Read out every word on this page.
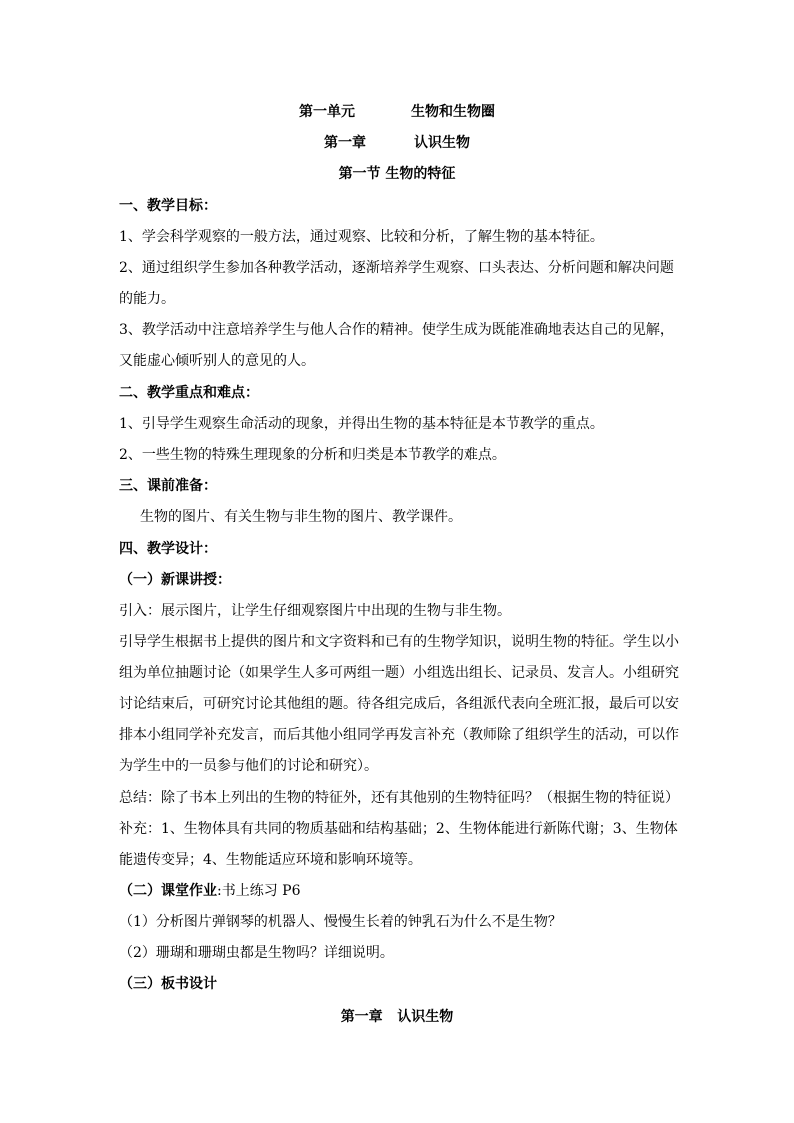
第一单元	生物和生物圈
第一章	认识生物
第一节 生物的特征
一、教学目标：
1、学会科学观察的一般方法，通过观察、比较和分析，了解生物的基本特征。
2、通过组织学生参加各种教学活动，逐渐培养学生观察、口头表达、分析问题和解决问题
的能力。
3、教学活动中注意培养学生与他人合作的精神。使学生成为既能准确地表达自己的见解，
又能虚心倾听别人的意见的人。
二、教学重点和难点：
1、引导学生观察生命活动的现象，并得出生物的基本特征是本节教学的重点。
2、一些生物的特殊生理现象的分析和归类是本节教学的难点。
三、课前准备：
生物的图片、有关生物与非生物的图片、教学课件。
四、教学设计：
（一）新课讲授：
引入：展示图片，让学生仔细观察图片中出现的生物与非生物。
引导学生根据书上提供的图片和文字资料和已有的生物学知识，说明生物的特征。学生以小
组为单位抽题讨论（如果学生人多可两组一题）小组选出组长、记录员、发言人。小组研究
讨论结束后，可研究讨论其他组的题。待各组完成后，各组派代表向全班汇报，最后可以安
排本小组同学补充发言，而后其他小组同学再发言补充（教师除了组织学生的活动，可以作
为学生中的一员参与他们的讨论和研究）。
总结：除了书本上列出的生物的特征外，还有其他别的生物特征吗？（根据生物的特征说）
补充：1、生物体具有共同的物质基础和结构基础；2、生物体能进行新陈代谢；3、生物体
能遗传变异；4、生物能适应环境和影响环境等。
（二）课堂作业:书上练习 P6
（1）分析图片弹钢琴的机器人、慢慢生长着的钟乳石为什么不是生物？
（2）珊瑚和珊瑚虫都是生物吗？详细说明。
（三）板书设计
第一章   认识生物
